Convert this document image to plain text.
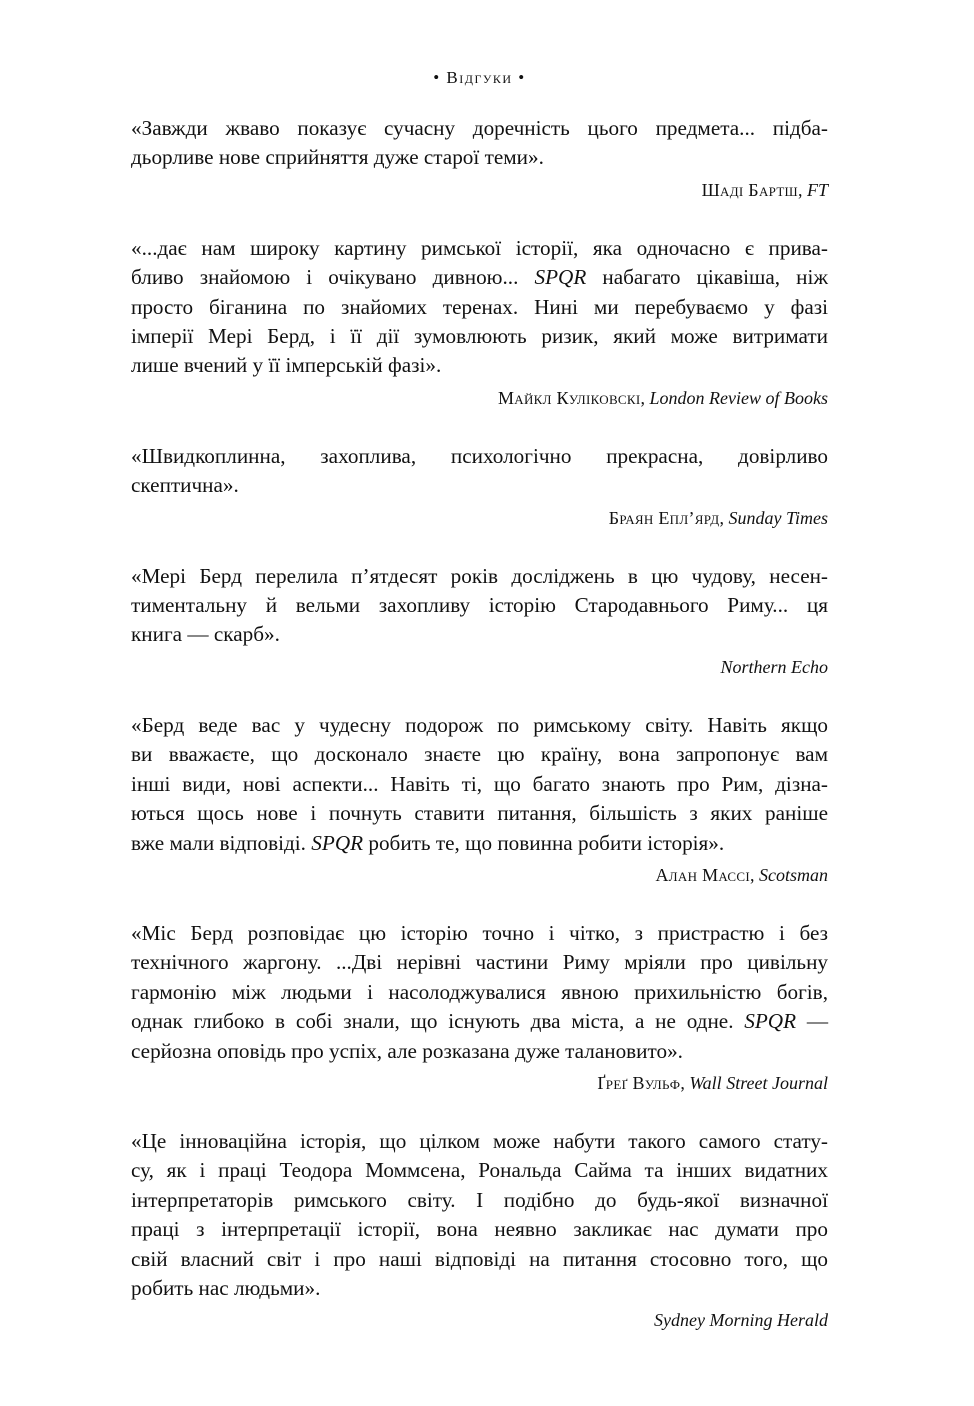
• Відгуки •

«Завжди жваво показує сучасну доречність цього предмета... підба-
дьорливе нове сприйняття дуже старої теми».

Шаді Бартш, FT

«...дає нам широку картину римської історії, яка одночасно є прива-
бливо знайомою і очікувано дивною... SPQR набагато цікавіша, ніж
просто біганина по знайомих теренах. Нині ми перебуваємо у фазі
імперії Мері Берд, і її дії зумовлюють ризик, який може витримати
лише вчений у її імперській фазі».

Майкл Куліковскі, London Review of Books

«Швидкоплинна, захоплива, психологічно прекрасна, довірливо
скептична».

Браян Епл’ярд, Sunday Times

«Мері Берд перелила п’ятдесят років досліджень в цю чудову, несен-
тиментальну й вельми захопливу історію Стародавнього Риму... ця
книга — скарб».

Northern Echo

«Берд веде вас у чудесну подорож по римському світу. Навіть якщо
ви вважаєте, що досконало знаєте цю країну, вона запропонує вам
інші види, нові аспекти... Навіть ті, що багато знають про Рим, дізна-
ються щось нове і почнуть ставити питання, більшість з яких раніше
вже мали відповіді. SPQR робить те, що повинна робити історія».

Алан Массі, Scotsman

«Міс Берд розповідає цю історію точно і чітко, з пристрастю і без
технічного жаргону. ...Дві нерівні частини Риму мріяли про цивільну
гармонію між людьми і насолоджувалися явною прихильністю богів,
однак глибоко в собі знали, що існують два міста, а не одне. SPQR —
серйозна оповідь про успіх, але розказана дуже талановито».

Ґреґ Вульф, Wall Street Journal

«Це інноваційна історія, що цілком може набути такого самого стату-
су, як і праці Теодора Моммсена, Рональда Сайма та інших видатних
інтерпретаторів римського світу. І подібно до будь-якої визначної
праці з інтерпретації історії, вона неявно закликає нас думати про
свій власний світ і про наші відповіді на питання стосовно того, що
робить нас людьми».

Sydney Morning Herald
